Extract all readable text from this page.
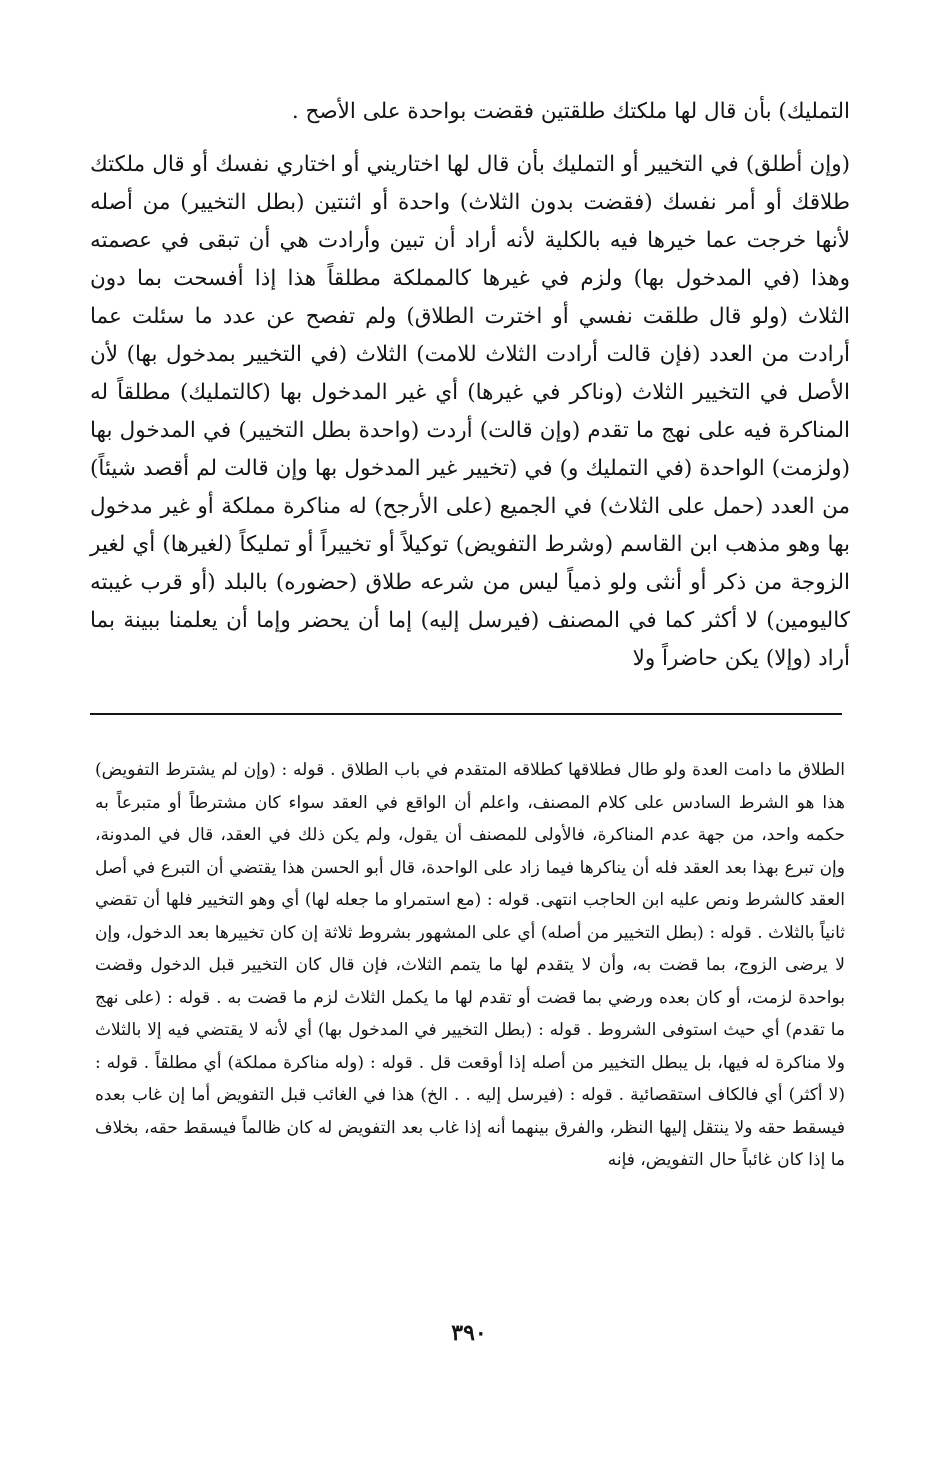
التمليك) بأن قال لها ملكتك طلقتين فقضت بواحدة على الأصح .

(وإن أطلق) في التخيير أو التمليك بأن قال لها اختاريني أو اختاري نفسك أو قال ملكتك طلاقك أو أمر نفسك (فقضت بدون الثلاث) واحدة أو اثنتين (بطل التخيير) من أصله لأنها خرجت عما خيرها فيه بالكلية لأنه أراد أن تبين وأرادت هي أن تبقى في عصمته وهذا (في المدخول بها) ولزم في غيرها كالمملكة مطلقاً هذا إذا أفسحت بما دون الثلاث (ولو قال طلقت نفسي أو اخترت الطلاق) ولم تفصح عن عدد ما سئلت عما أرادت من العدد (فإن قالت أرادت الثلاث للامت) الثلاث (في التخيير بمدخول بها) لأن الأصل في التخيير الثلاث (وناكر في غيرها) أي غير المدخول بها (كالتمليك) مطلقاً له المناكرة فيه على نهج ما تقدم (وإن قالت) أردت (واحدة بطل التخيير) في المدخول بها (ولزمت) الواحدة (في التمليك و) في (تخيير غير المدخول بها وإن قالت لم أقصد شيئاً) من العدد (حمل على الثلاث) في الجميع (على الأرجح) له مناكرة مملكة أو غير مدخول بها وهو مذهب ابن القاسم (وشرط التفويض) توكيلاً أو تخييراً أو تمليكاً (لغيرها) أي لغير الزوجة من ذكر أو أنثى ولو ذمياً ليس من شرعه طلاق (حضوره) بالبلد (أو قرب غيبته كاليومين) لا أكثر كما في المصنف (فيرسل إليه) إما أن يحضر وإما أن يعلمنا ببينة بما أراد (وإلا) يكن حاضراً ولا

الطلاق ما دامت العدة ولو طال فطلاقها كطلاقه المتقدم في باب الطلاق . قوله : (وإن لم يشترط التفويض) هذا هو الشرط السادس على كلام المصنف، واعلم أن الواقع في العقد سواء كان مشترطاً أو متبرعاً به حكمه واحد، من جهة عدم المناكرة، فالأولى للمصنف أن يقول، ولم يكن ذلك في العقد، قال في المدونة، وإن تبرع بهذا بعد العقد فله أن يناكرها فيما زاد على الواحدة، قال أبو الحسن هذا يقتضي أن التبرع في أصل العقد كالشرط ونص عليه ابن الحاجب انتهى. قوله : (مع استمراو ما جعله لها) أي وهو التخيير فلها أن تقضي ثانياً بالثلاث . قوله : (بطل التخيير من أصله) أي على المشهور بشروط ثلاثة إن كان تخييرها بعد الدخول، وإن لا يرضى الزوج، بما قضت به، وأن لا يتقدم لها ما يتمم الثلاث، فإن قال كان التخيير قبل الدخول وقضت بواحدة لزمت، أو كان بعده ورضي بما قضت أو تقدم لها ما يكمل الثلاث لزم ما قضت به . قوله : (على نهج ما تقدم) أي حيث استوفى الشروط . قوله : (بطل التخيير في المدخول بها) أي لأنه لا يقتضي فيه إلا بالثلاث ولا مناكرة له فيها، بل يبطل التخيير من أصله إذا أوقعت قل . قوله : (وله مناكرة مملكة) أي مطلقاً . قوله : (لا أكثر) أي فالكاف استقصائية . قوله : (فيرسل إليه . . الخ) هذا في الغائب قبل التفويض أما إن غاب بعده فيسقط حقه ولا ينتقل إليها النظر، والفرق بينهما أنه إذا غاب بعد التفويض له كان ظالماً فيسقط حقه، بخلاف ما إذا كان غائباً حال التفويض، فإنه

٣٩٠
